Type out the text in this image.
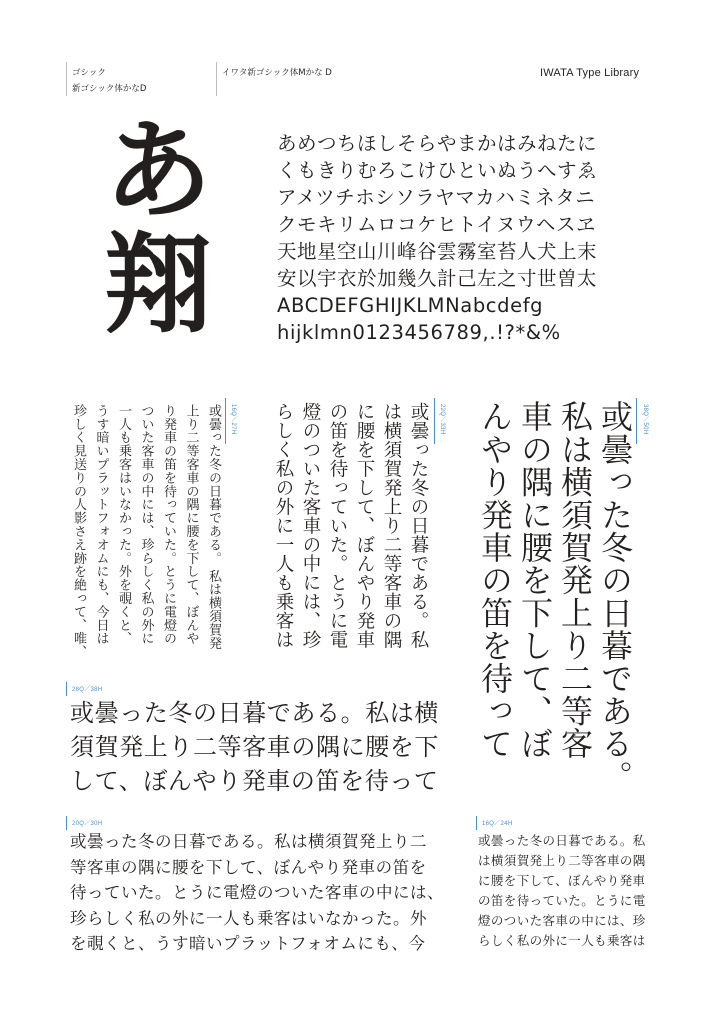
ゴシック
新ゴシック体かなD
イワタ新ゴシック体Mかな D	IWATA Type Library
あ
翔
あめつちほしそらやまかはみねたに
くもきりむろこけひといぬうへすゑ
アメツチホシソラヤマカハミネタニ
クモキリムロコケヒトイヌウヘスヱ
天地星空山川峰谷雲霧室苔人犬上末
安以宇衣於加幾久計己左之寸世曽太
ABCDEFGHIJKLMNabcdefg
hijklmn0123456789,.!?*&%
38Q／50H
或曇った冬の日暮である。
私は横須賀発上り二等客
車の隅に腰を下して、ぼ
んやり発車の笛を待って
22Q／33H
或曇った冬の日暮である。私
は横須賀発上り二等客車の隅
に腰を下して、ぼんやり発車
の笛を待っていた。とうに電
燈のついた客車の中には、珍
らしく私の外に一人も乗客は
16Q／27H
或曇った冬の日暮である。 私は横須賀発
上り二等客車の隅に腰を下して、ぼんや
り発車の笛を待っていた。とうに電燈の
ついた客車の中には、珍らしく私の外に
一人も乗客はいなかった。外を覗くと、
うす暗いプラットフォオムにも、今日は
珍しく見送りの人影さえ跡を絶って、唯、
28Q／38H
或曇った冬の日暮である。私は横
須賀発上り二等客車の隅に腰を下
して、ぼんやり発車の笛を待って
20Q／30H
或曇った冬の日暮である。私は横須賀発上り二
等客車の隅に腰を下して、ぼんやり発車の笛を
待っていた。とうに電燈のついた客車の中には、
珍らしく私の外に一人も乗客はいなかった。外
を覗くと、うす暗いプラットフォオムにも、今
16Q／24H
或曇った冬の日暮である。私
は横須賀発上り二等客車の隅
に腰を下して、ぼんやり発車
の笛を待っていた。とうに電
燈のついた客車の中には、珍
らしく私の外に一人も乗客は
